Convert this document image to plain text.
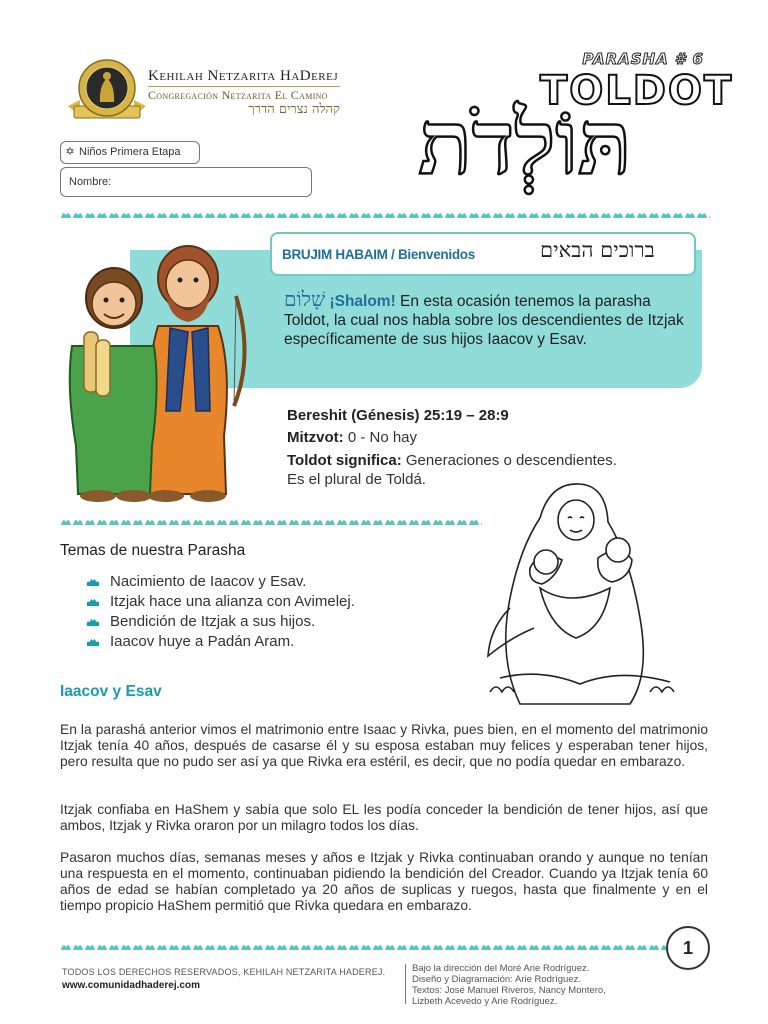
Kehilah Netzarita HaDerej
Congregación Netzarita El Camino
קהלה נצרים הדרך
PARASHA # 6
TOLDOT
תּוֹלְדֹת
✡ Niños Primera Etapa
Nombre:
BRUJIM HABAIM / Bienvenidos	ברוכים הבאים
שָׁלוֹם ¡Shalom! En esta ocasión tenemos la parasha Toldot, la cual nos habla sobre los descendientes de Itzjak específicamente de sus hijos Iaacov y Esav.
Bereshit (Génesis) 25:19 – 28:9
Mitzvot: 0 - No hay
Toldot significa: Generaciones o descendientes.
Es el plural de Toldá.
Temas de nuestra Parasha
Nacimiento de Iaacov y Esav.
Itzjak hace una alianza con Avimelej.
Bendición de Itzjak a sus hijos.
Iaacov huye a Padán Aram.
Iaacov y Esav
En la parashá anterior vimos el matrimonio entre Isaac y Rivka, pues bien, en el momento del matrimonio Itzjak tenía 40 años, después de casarse él y su esposa estaban muy felices y esperaban tener hijos, pero resulta que no pudo ser así ya que Rivka era estéril, es decir, que no podía quedar en embarazo.
Itzjak confiaba en HaShem y sabía que solo EL les podía conceder la bendición de tener hijos, así que ambos, Itzjak y Rivka oraron por un milagro todos los días.
Pasaron muchos días, semanas meses y años e Itzjak y Rivka continuaban orando y aunque no tenían una respuesta en el momento, continuaban pidiendo la bendición del Creador. Cuando ya Itzjak tenía 60 años de edad se habían completado ya 20 años de suplicas y ruegos, hasta que finalmente y en el tiempo propicio HaShem permitió que Rivka quedara en embarazo.
1
TODOS LOS DERECHOS RESERVADOS, KEHILAH NETZARITA HADEREJ.
www.comunidadhaderej.com
Bajo la dirección del Moré Arie Rodríguez.
Diseño y Diagramación: Arie Rodríguez.
Textos: José Manuel Riveros, Nancy Montero,
Lizbeth Acevedo y Arie Rodríguez.
